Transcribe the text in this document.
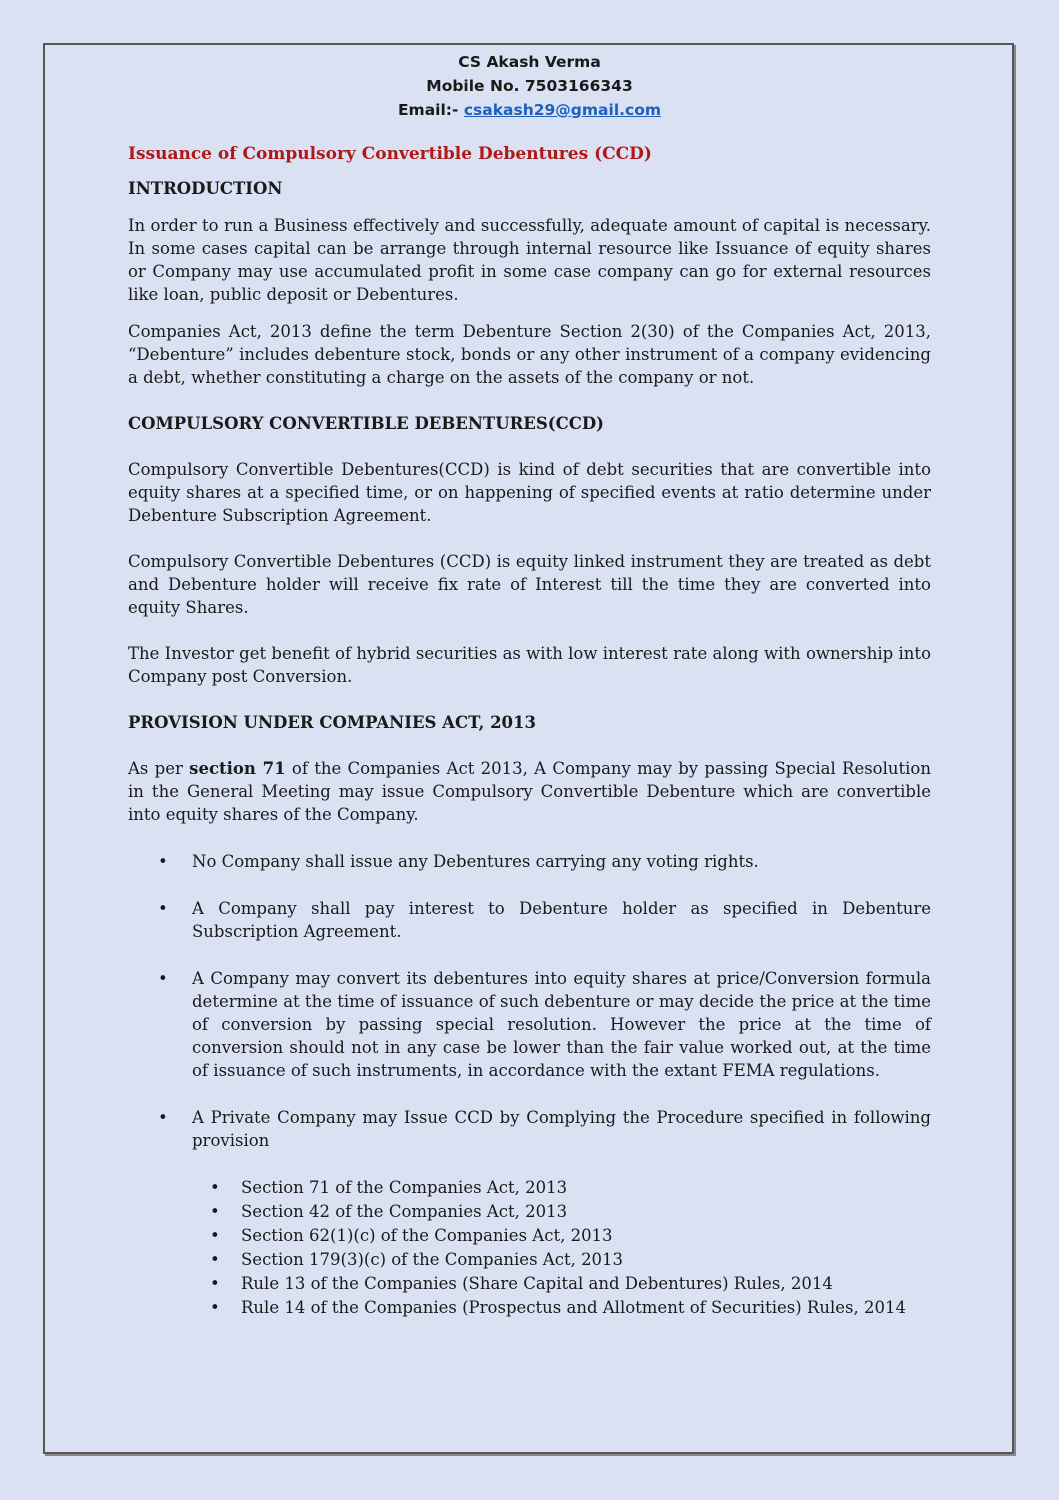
CS Akash Verma
Mobile No. 7503166343
Email:- csakash29@gmail.com
Issuance of Compulsory Convertible Debentures (CCD)
INTRODUCTION

In order to run a Business effectively and successfully, adequate amount of capital is necessary. In some cases capital can be arrange through internal resource like Issuance of equity shares or Company may use accumulated profit in some case company can go for external resources like loan, public deposit or Debentures.

Companies Act, 2013 define the term Debenture Section 2(30) of the Companies Act, 2013, “Debenture” includes debenture stock, bonds or any other instrument of a company evidencing a debt, whether constituting a charge on the assets of the company or not.

COMPULSORY CONVERTIBLE DEBENTURES(CCD)

Compulsory Convertible Debentures(CCD) is kind of debt securities that are convertible into equity shares at a specified time, or on happening of specified events at ratio determine under Debenture Subscription Agreement.

Compulsory Convertible Debentures (CCD) is equity linked instrument they are treated as debt and Debenture holder will receive fix rate of Interest till the time they are converted into equity Shares.

The Investor get benefit of hybrid securities as with low interest rate along with ownership into Company post Conversion.

PROVISION UNDER COMPANIES ACT, 2013

As per section 71 of the Companies Act 2013, A Company may by passing Special Resolution in the General Meeting may issue Compulsory Convertible Debenture which are convertible into equity shares of the Company.

• No Company shall issue any Debentures carrying any voting rights.
• A Company shall pay interest to Debenture holder as specified in Debenture Subscription Agreement.
• A Company may convert its debentures into equity shares at price/Conversion formula determine at the time of issuance of such debenture or may decide the price at the time of conversion by passing special resolution. However the price at the time of conversion should not in any case be lower than the fair value worked out, at the time of issuance of such instruments, in accordance with the extant FEMA regulations.
• A Private Company may Issue CCD by Complying the Procedure specified in following provision
• Section 71 of the Companies Act, 2013
• Section 42 of the Companies Act, 2013
• Section 62(1)(c) of the Companies Act, 2013
• Section 179(3)(c) of the Companies Act, 2013
• Rule 13 of the Companies (Share Capital and Debentures) Rules, 2014
• Rule 14 of the Companies (Prospectus and Allotment of Securities) Rules, 2014
